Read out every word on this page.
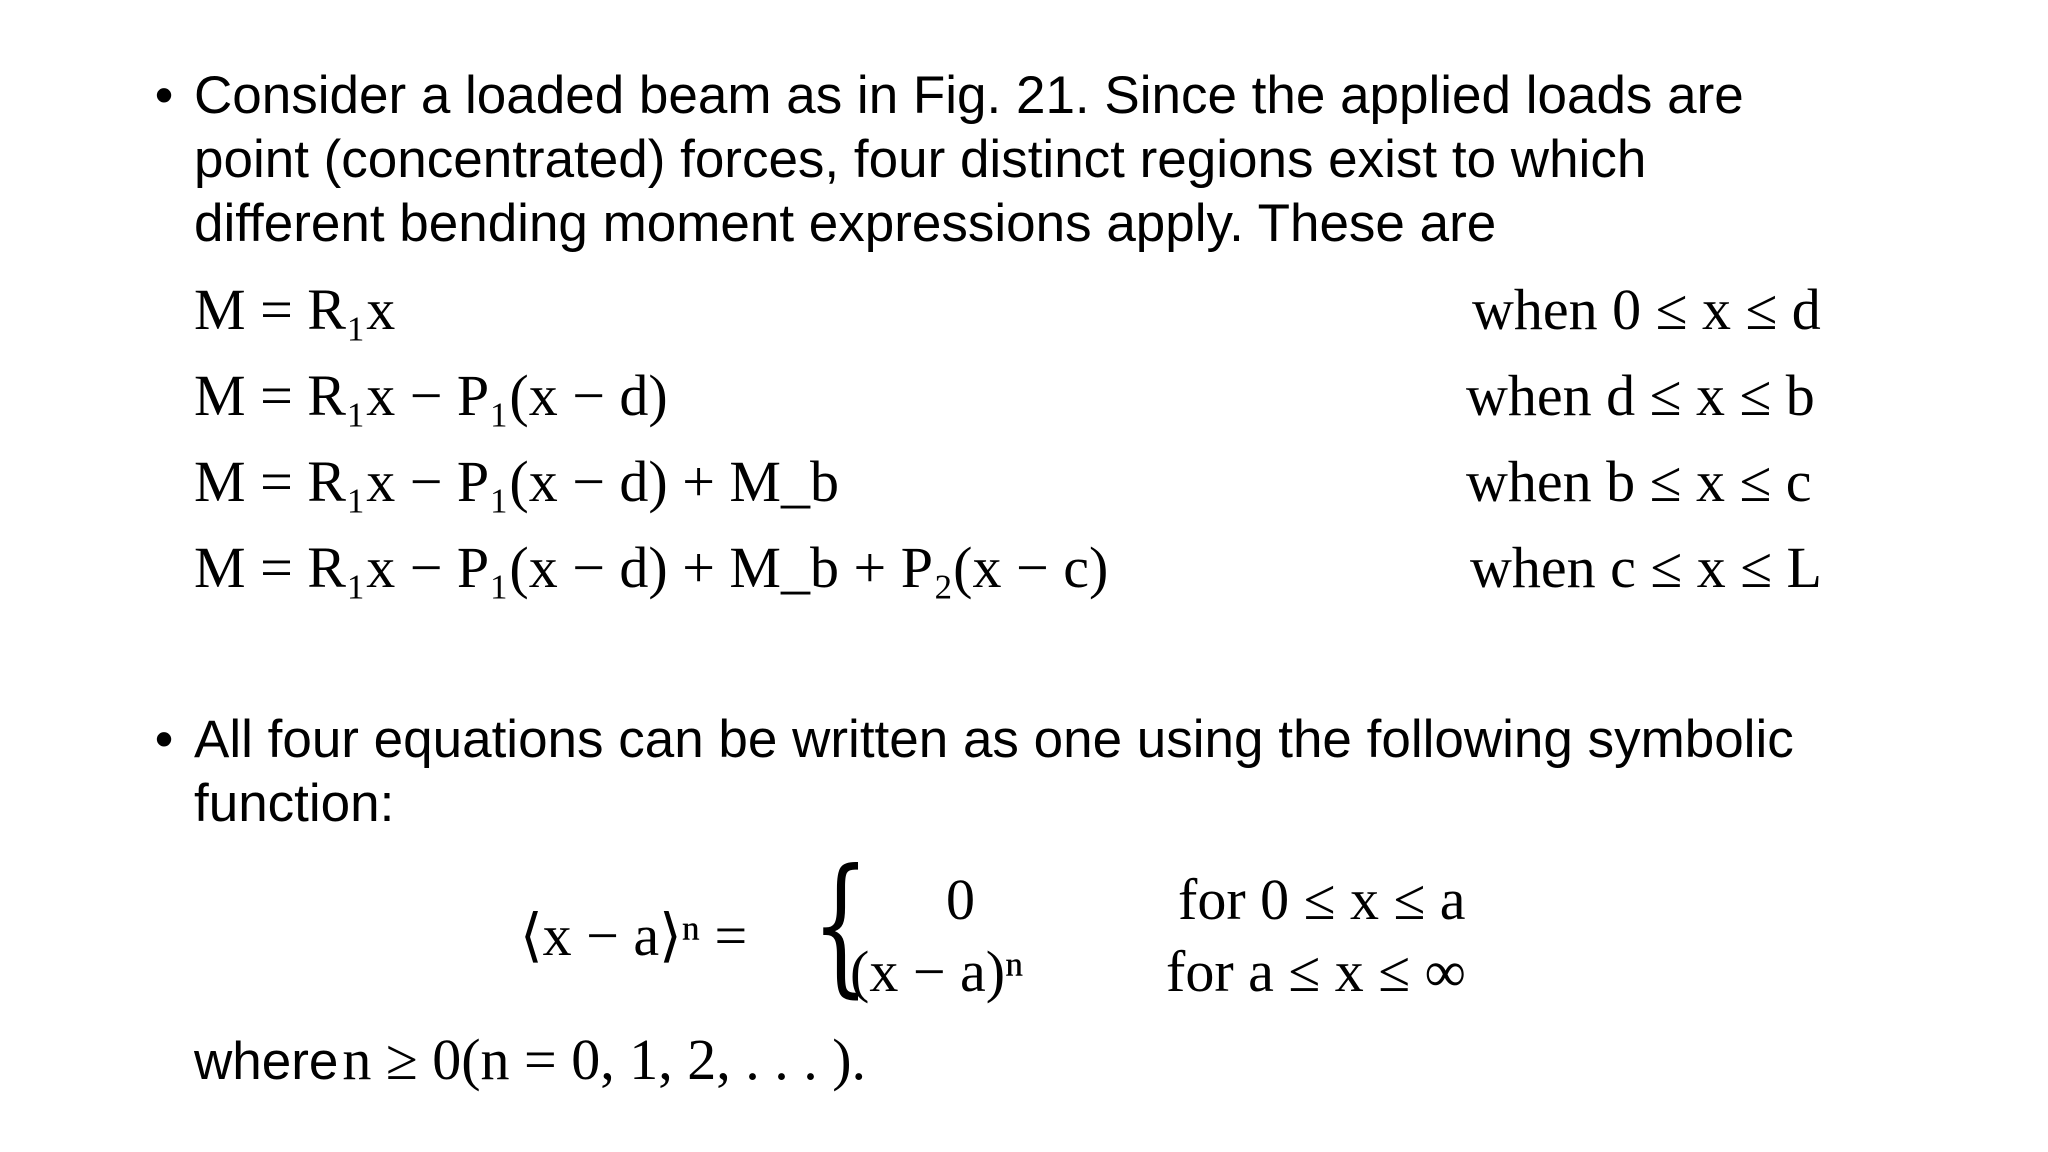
• Consider a loaded beam as in Fig. 21. Since the applied loads are
point (concentrated) forces, four distinct regions exist to which
different bending moment expressions apply. These are
M = R₁x	when 0 ≤ x ≤ d
M = R₁x − P₁(x − d)	when d ≤ x ≤ b
M = R₁x − P₁(x − d) + M_b	when b ≤ x ≤ c
M = R₁x − P₁(x − d) + M_b + P₂(x − c)	when c ≤ x ≤ L
• All four equations can be written as one using the following symbolic
function:
⟨x − a⟩ⁿ = { 0	for 0 ≤ x ≤ a
(x − a)ⁿ for a ≤ x ≤ ∞
where n ≥ 0(n = 0, 1, 2, . . . ).
